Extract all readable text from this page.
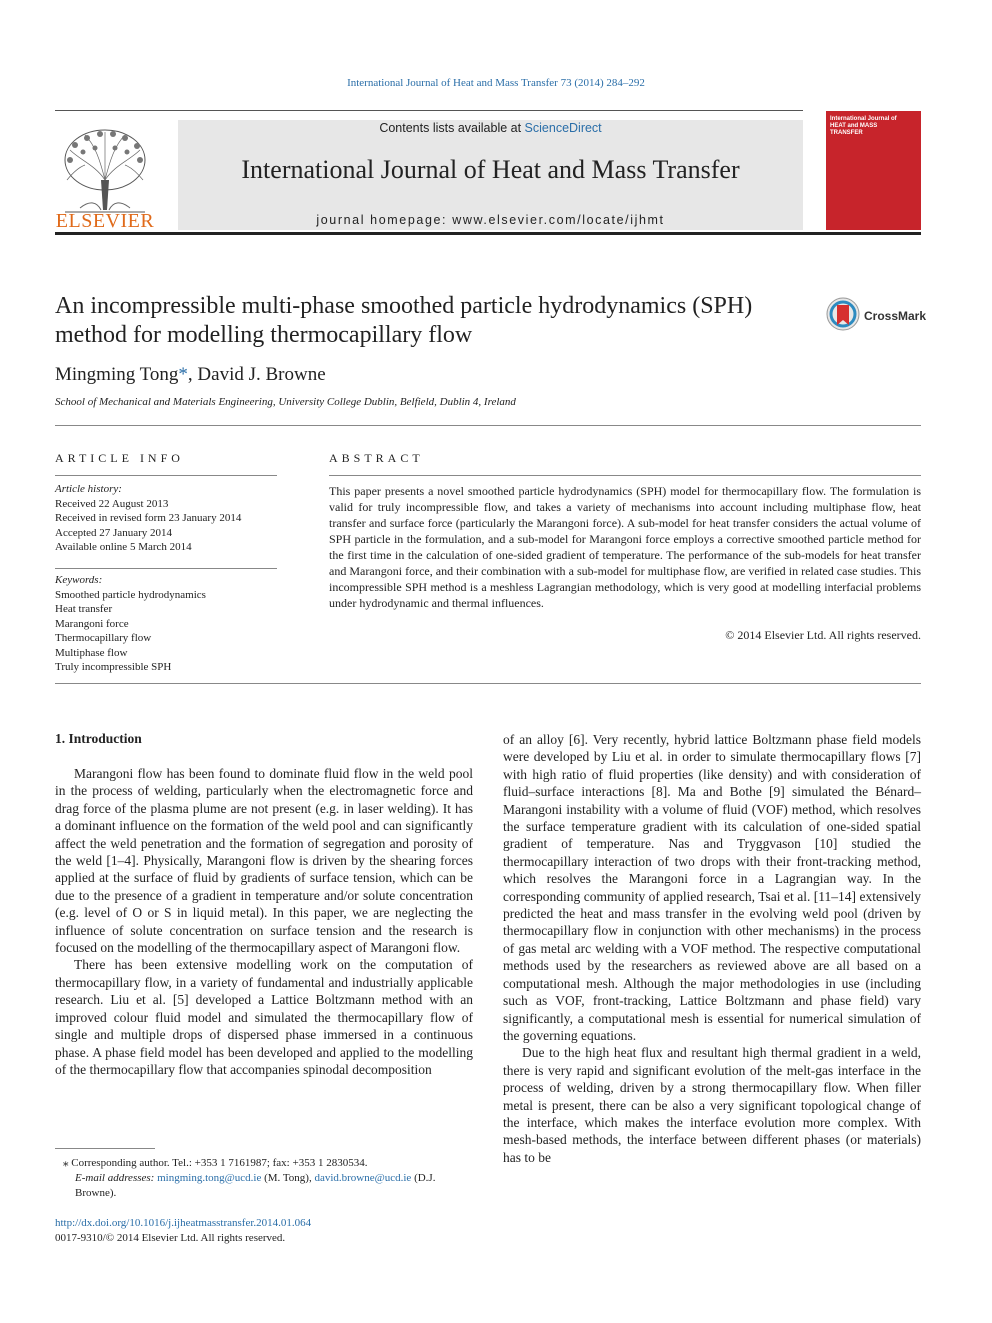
International Journal of Heat and Mass Transfer 73 (2014) 284–292
ELSEVIER
Contents lists available at ScienceDirect
International Journal of Heat and Mass Transfer
journal homepage: www.elsevier.com/locate/ijhmt
International Journal of HEAT and MASS TRANSFER
An incompressible multi-phase smoothed particle hydrodynamics (SPH) method for modelling thermocapillary flow
CrossMark
Mingming Tong*, David J. Browne
School of Mechanical and Materials Engineering, University College Dublin, Belfield, Dublin 4, Ireland
ARTICLE INFO
Article history:
Received 22 August 2013
Received in revised form 23 January 2014
Accepted 27 January 2014
Available online 5 March 2014
Keywords:
Smoothed particle hydrodynamics
Heat transfer
Marangoni force
Thermocapillary flow
Multiphase flow
Truly incompressible SPH
ABSTRACT
This paper presents a novel smoothed particle hydrodynamics (SPH) model for thermocapillary flow. The formulation is valid for truly incompressible flow, and takes a variety of mechanisms into account including multiphase flow, heat transfer and surface force (particularly the Marangoni force). A sub-model for heat transfer considers the actual volume of SPH particle in the formulation, and a sub-model for Marangoni force employs a corrective smoothed particle method for the first time in the calculation of one-sided gradient of temperature. The performance of the sub-models for heat transfer and Marangoni force, and their combination with a sub-model for multiphase flow, are verified in related case studies. This incompressible SPH method is a meshless Lagrangian methodology, which is very good at modelling interfacial problems under hydrodynamic and thermal influences.
© 2014 Elsevier Ltd. All rights reserved.
1. Introduction

Marangoni flow has been found to dominate fluid flow in the weld pool in the process of welding, particularly when the electromagnetic force and drag force of the plasma plume are not present (e.g. in laser welding). It has a dominant influence on the formation of the weld pool and can significantly affect the weld penetration and the formation of segregation and porosity of the weld [1–4]. Physically, Marangoni flow is driven by the shearing forces applied at the surface of fluid by gradients of surface tension, which can be due to the presence of a gradient in temperature and/or solute concentration (e.g. level of O or S in liquid metal). In this paper, we are neglecting the influence of solute concentration on surface tension and the research is focused on the modelling of the thermocapillary aspect of Marangoni flow.

There has been extensive modelling work on the computation of thermocapillary flow, in a variety of fundamental and industrially applicable research. Liu et al. [5] developed a Lattice Boltzmann method with an improved colour fluid model and simulated the thermocapillary flow of single and multiple drops of dispersed phase immersed in a continuous phase. A phase field model has been developed and applied to the modelling of the thermocapillary flow that accompanies spinodal decomposition

of an alloy [6]. Very recently, hybrid lattice Boltzmann phase field models were developed by Liu et al. in order to simulate thermocapillary flows [7] with high ratio of fluid properties (like density) and with consideration of fluid–surface interactions [8]. Ma and Bothe [9] simulated the Bénard–Marangoni instability with a volume of fluid (VOF) method, which resolves the surface temperature gradient with its calculation of one-sided spatial gradient of temperature. Nas and Tryggvason [10] studied the thermocapillary interaction of two drops with their front-tracking method, which resolves the Marangoni force in a Lagrangian way. In the corresponding community of applied research, Tsai et al. [11–14] extensively predicted the heat and mass transfer in the evolving weld pool (driven by thermocapillary flow in conjunction with other mechanisms) in the process of gas metal arc welding with a VOF method. The respective computational methods used by the researchers as reviewed above are all based on a computational mesh. Although the major methodologies in use (including such as VOF, front-tracking, Lattice Boltzmann and phase field) vary significantly, a computational mesh is essential for numerical simulation of the governing equations.

Due to the high heat flux and resultant high thermal gradient in a weld, there is very rapid and significant evolution of the melt-gas interface in the process of welding, driven by a strong thermocapillary flow. When filler metal is present, there can be also a very significant topological change of the interface, which makes the interface evolution more complex. With mesh-based methods, the interface between different phases (or materials) has to be

⁎ Corresponding author. Tel.: +353 1 7161987; fax: +353 1 2830534.
E-mail addresses: mingming.tong@ucd.ie (M. Tong), david.browne@ucd.ie (D.J. Browne).
http://dx.doi.org/10.1016/j.ijheatmasstransfer.2014.01.064
0017-9310/© 2014 Elsevier Ltd. All rights reserved.
